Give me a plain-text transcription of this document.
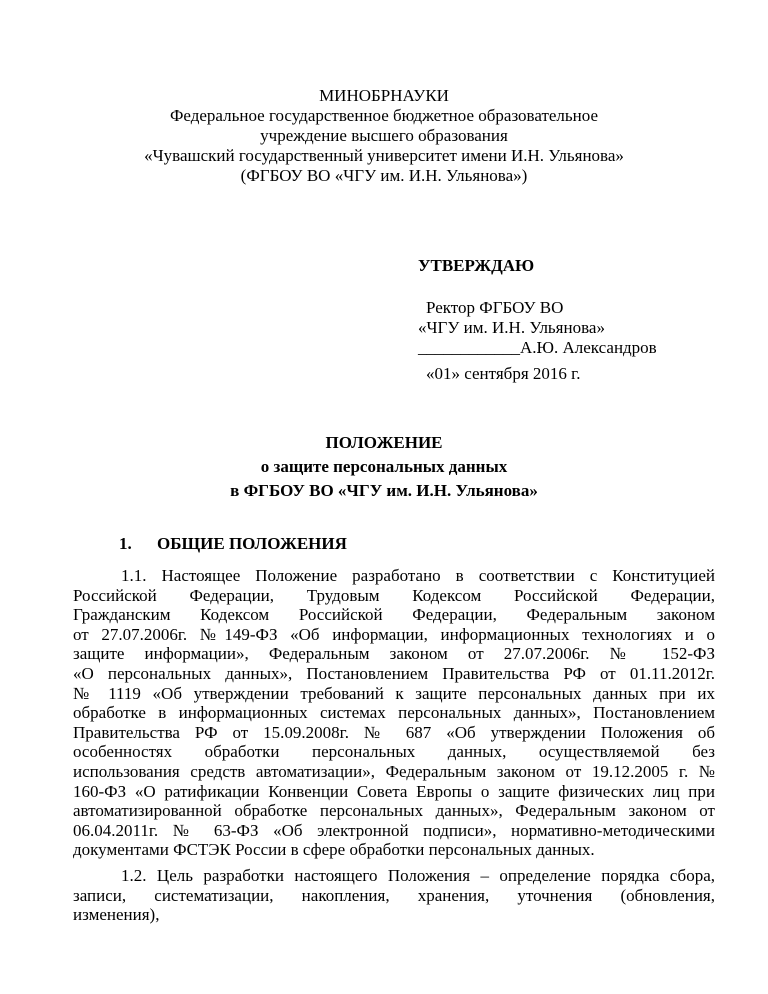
МИНОБРНАУКИ
Федеральное государственное бюджетное образовательное
учреждение высшего образования
«Чувашский государственный университет имени И.Н. Ульянова»
(ФГБОУ ВО «ЧГУ им. И.Н. Ульянова»)
УТВЕРЖДАЮ
Ректор ФГБОУ ВО
«ЧГУ им. И.Н. Ульянова»
____________А.Ю. Александров
«01» сентября 2016 г.
ПОЛОЖЕНИЕ
о защите персональных данных
в ФГБОУ ВО «ЧГУ им. И.Н. Ульянова»
1. ОБЩИЕ ПОЛОЖЕНИЯ
1.1. Настоящее Положение разработано в соответствии с Конституцией
Российской Федерации, Трудовым Кодексом Российской Федерации,
Гражданским Кодексом Российской Федерации, Федеральным законом
от 27.07.2006г. №149-ФЗ «Об информации, информационных технологиях и о
защите информации», Федеральным законом от 27.07.2006г. № 152-ФЗ
«О персональных данных», Постановлением Правительства РФ от 01.11.2012г.
№ 1119 «Об утверждении требований к защите персональных данных при их
обработке в информационных системах персональных данных», Постановлением
Правительства РФ от 15.09.2008г. № 687 «Об утверждении Положения об
особенностях обработки персональных данных, осуществляемой без
использования средств автоматизации», Федеральным законом от 19.12.2005 г. №
160-ФЗ «О ратификации Конвенции Совета Европы о защите физических лиц при
автоматизированной обработке персональных данных», Федеральным законом от
06.04.2011г. № 63-ФЗ «Об электронной подписи», нормативно-методическими
документами ФСТЭК России в сфере обработки персональных данных.
1.2. Цель разработки настоящего Положения – определение порядка сбора,
записи, систематизации, накопления, хранения, уточнения (обновления,
изменения),
